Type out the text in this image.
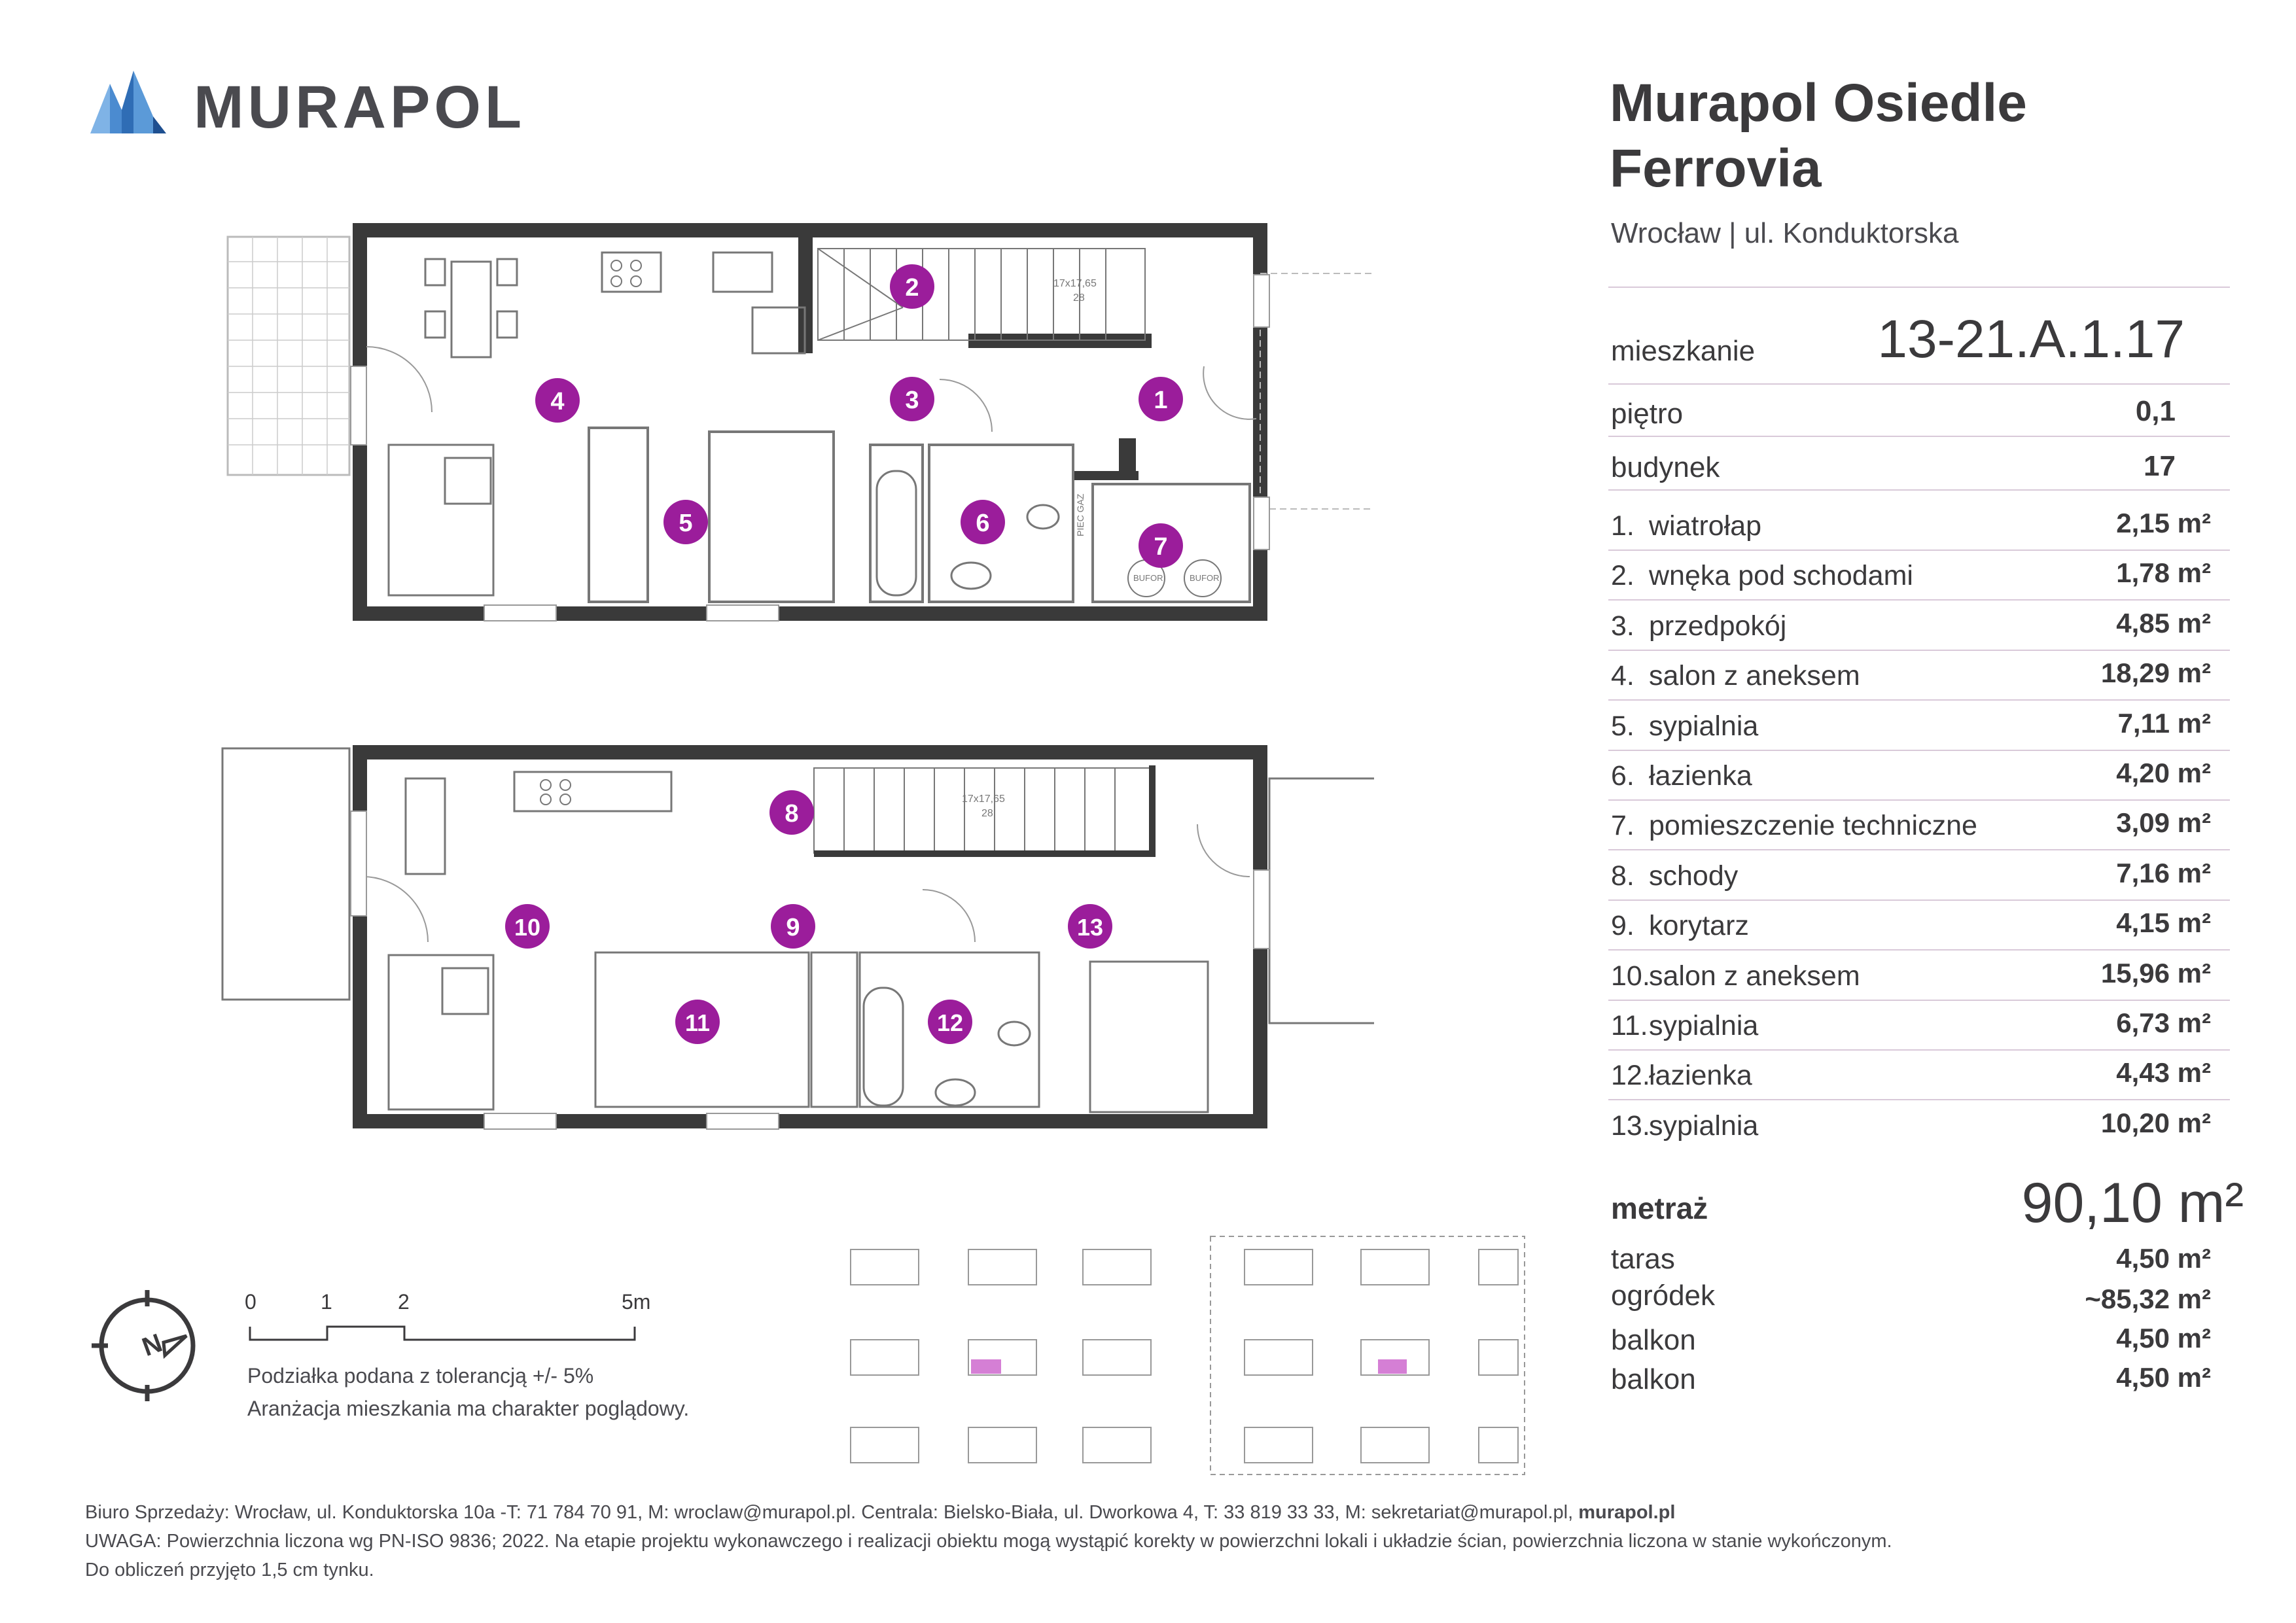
MURAPOL	Murapol Osiedle
Ferrovia
Wrocław | ul. Konduktorska
mieszkanie 13-21.A.1.17
piętro	0,1
budynek	17
1. wiatrołap	2,15 m²
2. wnęka pod schodami	1,78 m²
3. przedpokój	4,85 m²
4. salon z aneksem	18,29 m²
5. sypialnia	7,11 m²
6. łazienka	4,20 m²
7. pomieszczenie techniczne	3,09 m²
8. schody	7,16 m²
9. korytarz	4,15 m²
10.salon z aneksem	15,96 m²
11.sypialnia	6,73 m²
12.łazienka	4,43 m²
13.sypialnia	10,20 m²
metraż	90,10 m²
taras	4,50 m²
ogródek	~85,32 m²
balkon	4,50 m²
balkon	4,50 m²
17x17,65
28
PIEC GAZ
BUFOR	BUFOR
17x17,65
28
1
2
3
4
5	6
7
8
9
10
11	12
13
N
0	1	2	5m
Podziałka podana z tolerancją +/- 5%
Aranżacja mieszkania ma charakter poglądowy.
Biuro Sprzedaży: Wrocław, ul. Konduktorska 10a -T: 71 784 70 91, M: wroclaw@murapol.pl. Centrala: Bielsko-Biała, ul. Dworkowa 4, T: 33 819 33 33, M: sekretariat@murapol.pl, murapol.pl
UWAGA: Powierzchnia liczona wg PN-ISO 9836; 2022. Na etapie projektu wykonawczego i realizacji obiektu mogą wystąpić korekty w powierzchni lokali i układzie ścian, powierzchnia liczona w stanie wykończonym.
Do obliczeń przyjęto 1,5 cm tynku.
